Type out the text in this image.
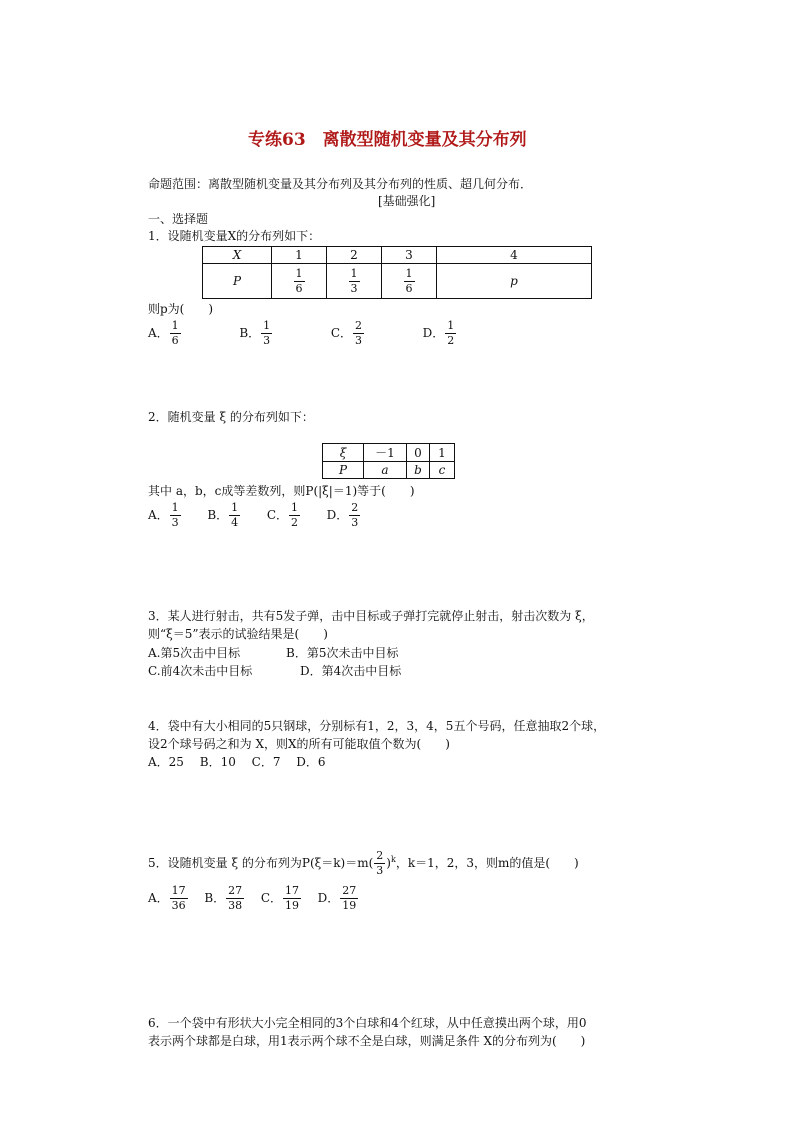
专练63　离散型随机变量及其分布列
命题范围：离散型随机变量及其分布列及其分布列的性质、超几何分布．
[基础强化]
一、选择题
1．设随机变量X的分布列如下：
X	1	2	3	4
P	$\frac{1}{6}$	$\frac{1}{3}$	$\frac{1}{6}$	p
则p为(　　)
A． $\frac{1}{6}$	B． $\frac{1}{3}$	C． $\frac{2}{3}$	D． $\frac{1}{2}$
2．随机变量 ξ 的分布列如下：
ξ	－1	0	1
P	a	b	c
其中 a，b，c成等差数列，则P(|ξ|＝1)等于(　　)
A． $\frac{1}{3}$ B． $\frac{1}{4}$ C． $\frac{1}{2}$ D． $\frac{2}{3}$
3．某人进行射击，共有5发子弹，击中目标或子弹打完就停止射击，射击次数为 ξ，
则“ξ＝5”表示的试验结果是(　　)
A.第5次击中目标	B．第5次未击中目标
C.前4次未击中目标	D．第4次击中目标
4．袋中有大小相同的5只钢球，分别标有1，2，3，4，5五个号码，任意抽取2个球，
设2个球号码之和为 X，则X的所有可能取值个数为(　　)
A．25　 B．10　 C．7　 D．6
5．设随机变量 ξ 的分布列为$P(\xi=k)=m( \frac{2}{3} )^k$，k＝1，2，3，则m的值是(　　)
A． $\frac{17}{36}$ B． $\frac{27}{38}$ C． $\frac{17}{19}$ D． $\frac{27}{19}$
6．一个袋中有形状大小完全相同的3个白球和4个红球，从中任意摸出两个球，用0
表示两个球都是白球，用1表示两个球不全是白球，则满足条件 X的分布列为(　　)
